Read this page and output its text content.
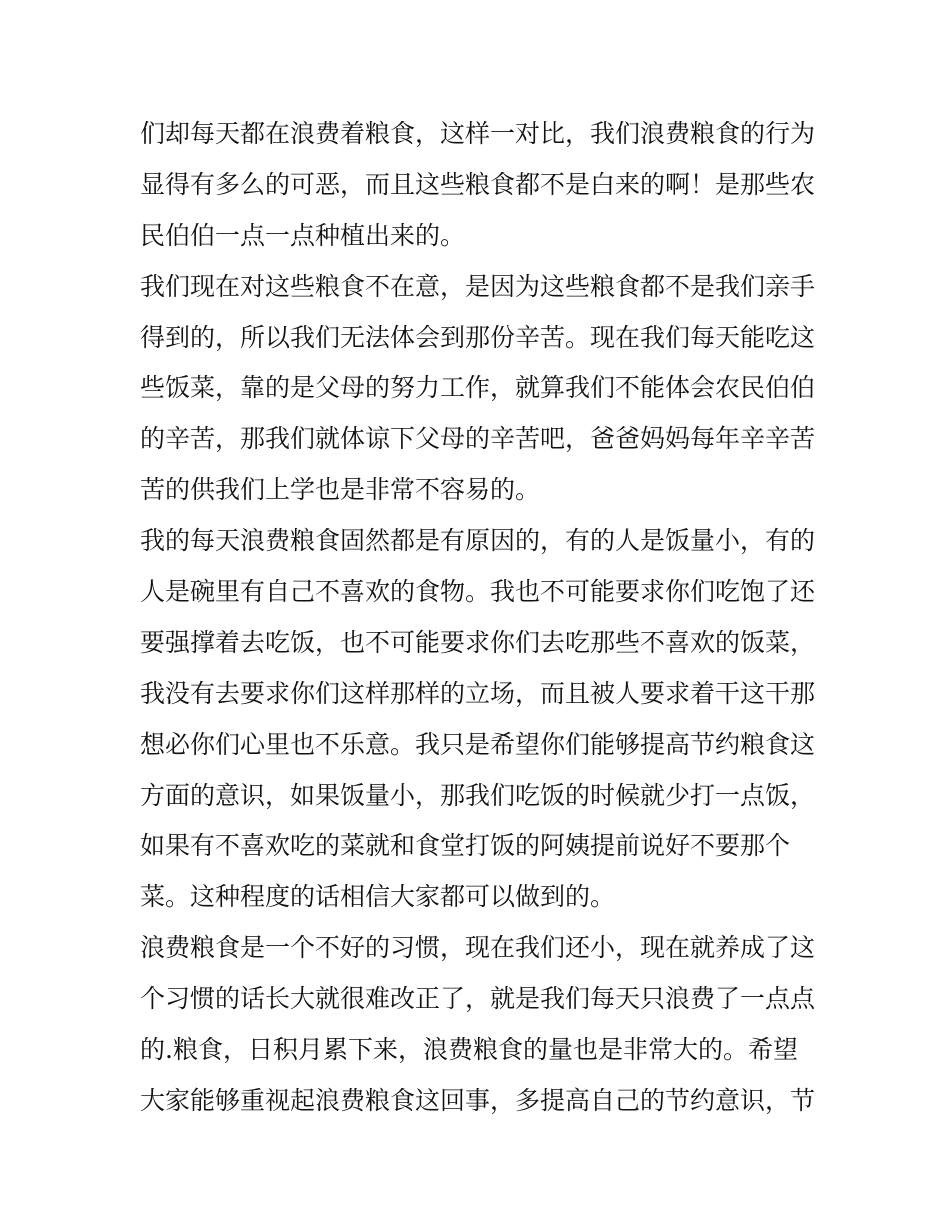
们却每天都在浪费着粮食，这样一对比，我们浪费粮食的行为

显得有多么的可恶，而且这些粮食都不是白来的啊！是那些农

民伯伯一点一点种植出来的。

我们现在对这些粮食不在意，是因为这些粮食都不是我们亲手

得到的，所以我们无法体会到那份辛苦。现在我们每天能吃这

些饭菜，靠的是父母的努力工作，就算我们不能体会农民伯伯

的辛苦，那我们就体谅下父母的辛苦吧，爸爸妈妈每年辛辛苦

苦的供我们上学也是非常不容易的。

我的每天浪费粮食固然都是有原因的，有的人是饭量小，有的

人是碗里有自己不喜欢的食物。我也不可能要求你们吃饱了还

要强撑着去吃饭，也不可能要求你们去吃那些不喜欢的饭菜，

我没有去要求你们这样那样的立场，而且被人要求着干这干那

想必你们心里也不乐意。我只是希望你们能够提高节约粮食这

方面的意识，如果饭量小，那我们吃饭的时候就少打一点饭，

如果有不喜欢吃的菜就和食堂打饭的阿姨提前说好不要那个

菜。这种程度的话相信大家都可以做到的。

浪费粮食是一个不好的习惯，现在我们还小，现在就养成了这

个习惯的话长大就很难改正了，就是我们每天只浪费了一点点

的.粮食，日积月累下来，浪费粮食的量也是非常大的。希望

大家能够重视起浪费粮食这回事，多提高自己的节约意识，节
